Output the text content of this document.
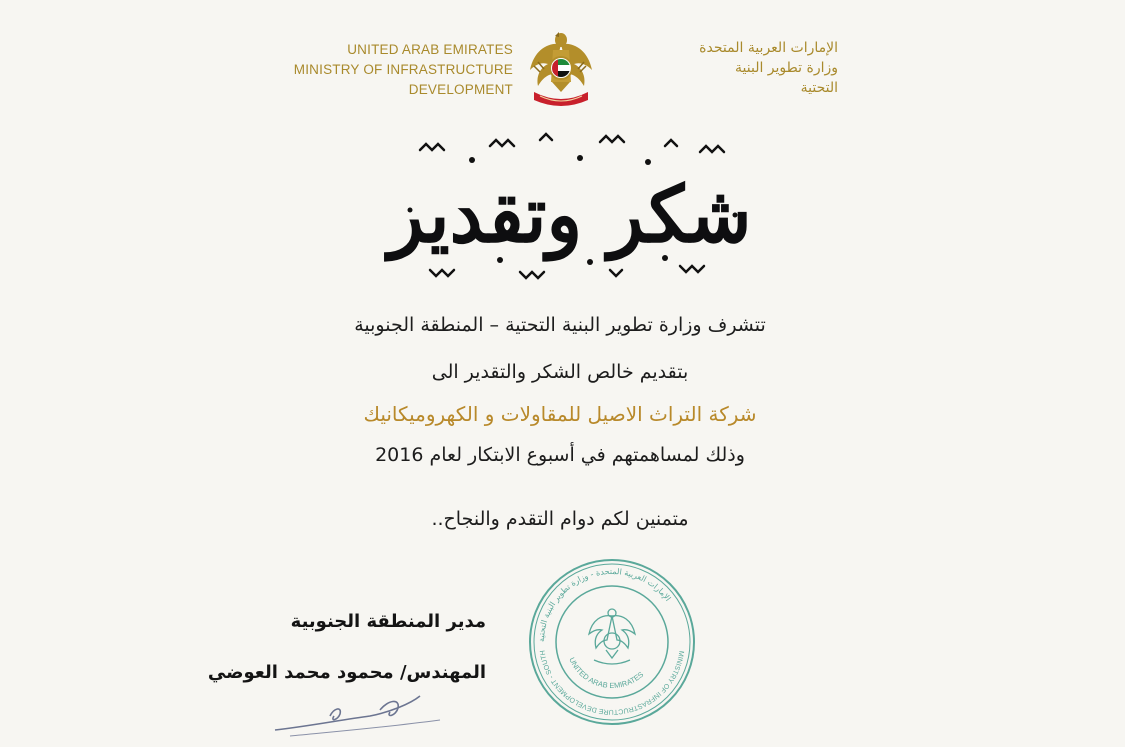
UNITED ARAB EMIRATES
MINISTRY OF INFRASTRUCTURE
DEVELOPMENT
الإمارات العربية المتحدة
وزارة تطوير البنية
التحتية
شكر وتقدير
تتشرف وزارة تطوير البنية التحتية – المنطقة الجنوبية
بتقديم خالص الشكر والتقدير الى
شركة التراث الاصيل للمقاولات و الكهروميكانيك
وذلك لمساهمتهم في أسبوع الابتكار لعام 2016
متمنين لكم دوام التقدم والنجاح..
مدير المنطقة الجنوبية
المهندس/ محمود محمد العوضي
الإمارات العربية المتحدة - وزارة تطوير البنية التحتية
MINISTRY OF INFRASTRUCTURE DEVELOPMENT - SOUTH
UNITED ARAB EMIRATES
